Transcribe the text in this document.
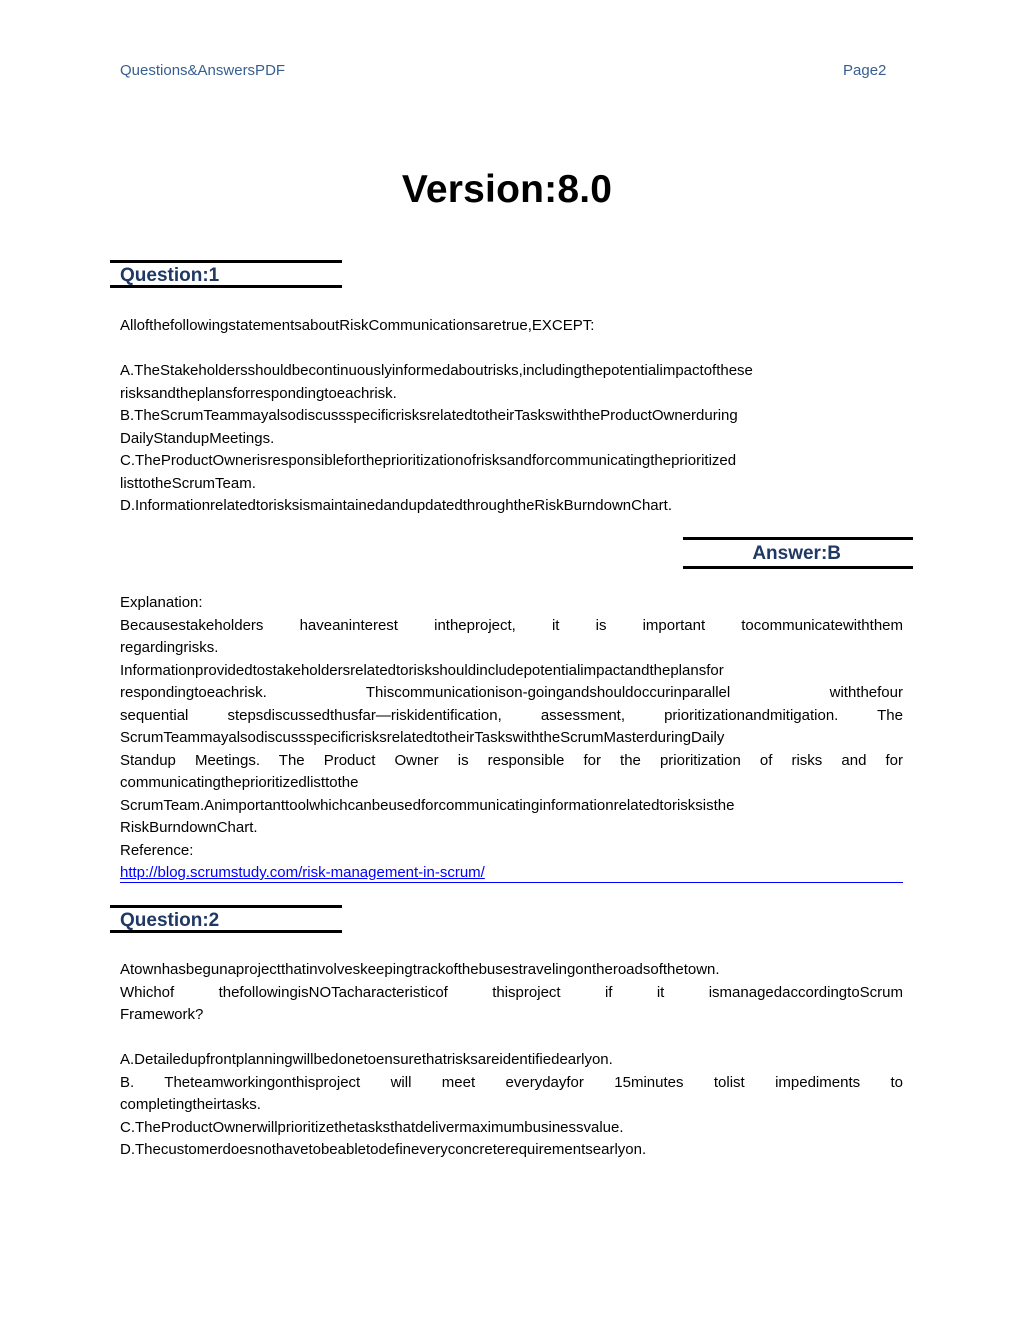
Questions&AnswersPDF	Page2
Version:8.0
Question:1

AllofthefollowingstatementsaboutRiskCommunicationsaretrue,EXCEPT:

A.TheStakeholdersshouldbecontinuouslyinformedaboutrisks,includingthepotentialimpactofthese

risksandtheplansforrespondingtoeachrisk.

B.TheScrumTeammayalsodiscussspecificrisksrelatedtotheirTaskswiththeProductOwnerduring

DailyStandupMeetings.

C.TheProductOwnerisresponsiblefortheprioritizationofrisksandforcommunicatingtheprioritized

listtotheScrumTeam.

D.InformationrelatedtorisksismaintainedandupdatedthroughtheRiskBurndownChart.

Answer:B

Explanation:

Becausestakeholders haveaninterest intheproject, it is important tocommunicatewiththem

regardingrisks.

Informationprovidedtostakeholdersrelatedtoriskshouldincludepotentialimpactandtheplansfor

respondingtoeachrisk. Thiscommunicationison-goingandshouldoccurinparallel withthefour

sequential stepsdiscussedthusfar—riskidentification, assessment, prioritizationandmitigation. The

ScrumTeammayalsodiscussspecificrisksrelatedtotheirTaskswiththeScrumMasterduringDaily

Standup Meetings. The Product Owner is responsible for the prioritization of risks and for

communicatingtheprioritizedlisttothe

ScrumTeam.Animportanttoolwhichcanbeusedforcommunicatinginformationrelatedtorisksisthe

RiskBurndownChart.

Reference:

http://blog.scrumstudy.com/risk-management-in-scrum/
Question:2

Atownhasbegunaprojectthatinvolveskeepingtrackofthebusestravelingontheroadsofthetown.

Whichof thefollowingisNOTacharacteristicof thisproject if it ismanagedaccordingtoScrum

Framework?

A.Detailedupfrontplanningwillbedonetoensurethatrisksareidentifiedearlyon.

B. Theteamworkingonthisproject will meet everydayfor 15minutes tolist impediments to

completingtheirtasks.

C.TheProductOwnerwillprioritizethetasksthatdelivermaximumbusinessvalue.

D.Thecustomerdoesnothavetobeabletodefineveryconcreterequirementsearlyon.
